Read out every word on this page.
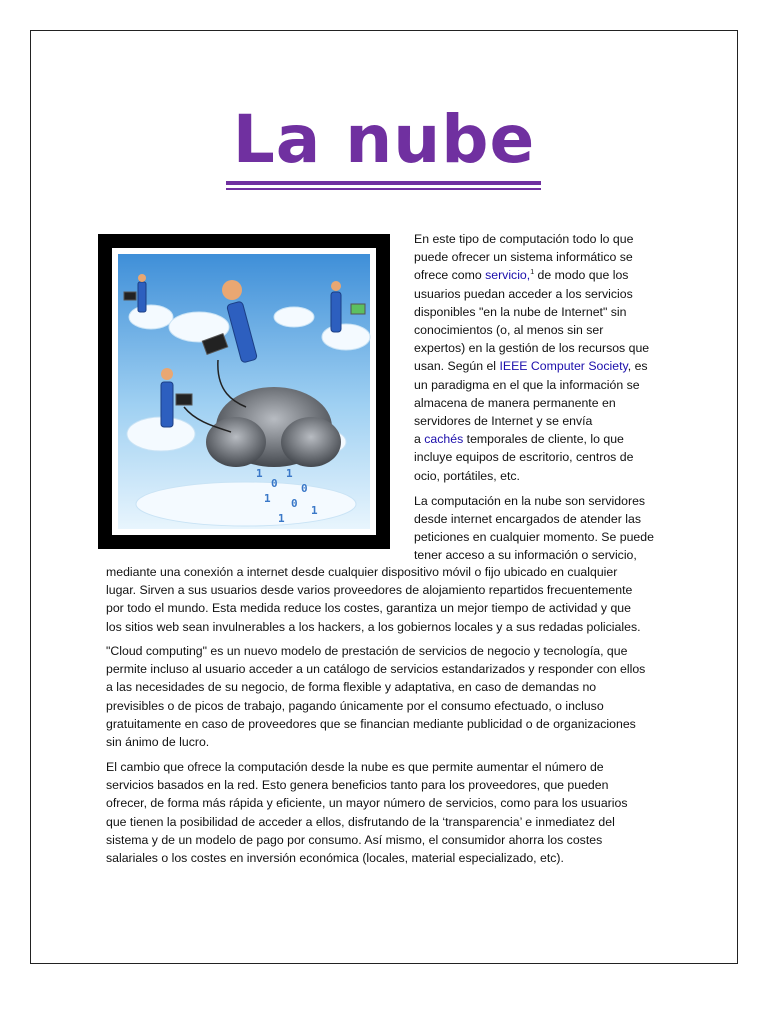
La nube
1
0
1
0
1 0
1
1

En este tipo de computación todo lo que
puede ofrecer un sistema informático se
ofrece como servicio,$^1$ de modo que los
usuarios puedan acceder a los servicios
disponibles "en la nube de Internet" sin
conocimientos (o, al menos sin ser
expertos) en la gestión de los recursos que
usan. Según el IEEE Computer Society, es
un paradigma en el que la información se
almacena de manera permanente en
servidores de Internet y se envía
a cachés temporales de cliente, lo que
incluye equipos de escritorio, centros de
ocio, portátiles, etc.

La computación en la nube son servidores
desde internet encargados de atender las
peticiones en cualquier momento. Se puede
tener acceso a su información o servicio,

mediante una conexión a internet desde cualquier dispositivo móvil o fijo ubicado en cualquier
lugar. Sirven a sus usuarios desde varios proveedores de alojamiento repartidos frecuentemente
por todo el mundo. Esta medida reduce los costes, garantiza un mejor tiempo de actividad y que
los sitios web sean invulnerables a los hackers, a los gobiernos locales y a sus redadas policiales.

"Cloud computing" es un nuevo modelo de prestación de servicios de negocio y tecnología, que
permite incluso al usuario acceder a un catálogo de servicios estandarizados y responder con ellos
a las necesidades de su negocio, de forma flexible y adaptativa, en caso de demandas no
previsibles o de picos de trabajo, pagando únicamente por el consumo efectuado, o incluso
gratuitamente en caso de proveedores que se financian mediante publicidad o de organizaciones
sin ánimo de lucro.

El cambio que ofrece la computación desde la nube es que permite aumentar el número de
servicios basados en la red. Esto genera beneficios tanto para los proveedores, que pueden
ofrecer, de forma más rápida y eficiente, un mayor número de servicios, como para los usuarios
que tienen la posibilidad de acceder a ellos, disfrutando de la ‘transparencia’ e inmediatez del
sistema y de un modelo de pago por consumo. Así mismo, el consumidor ahorra los costes
salariales o los costes en inversión económica (locales, material especializado, etc).
